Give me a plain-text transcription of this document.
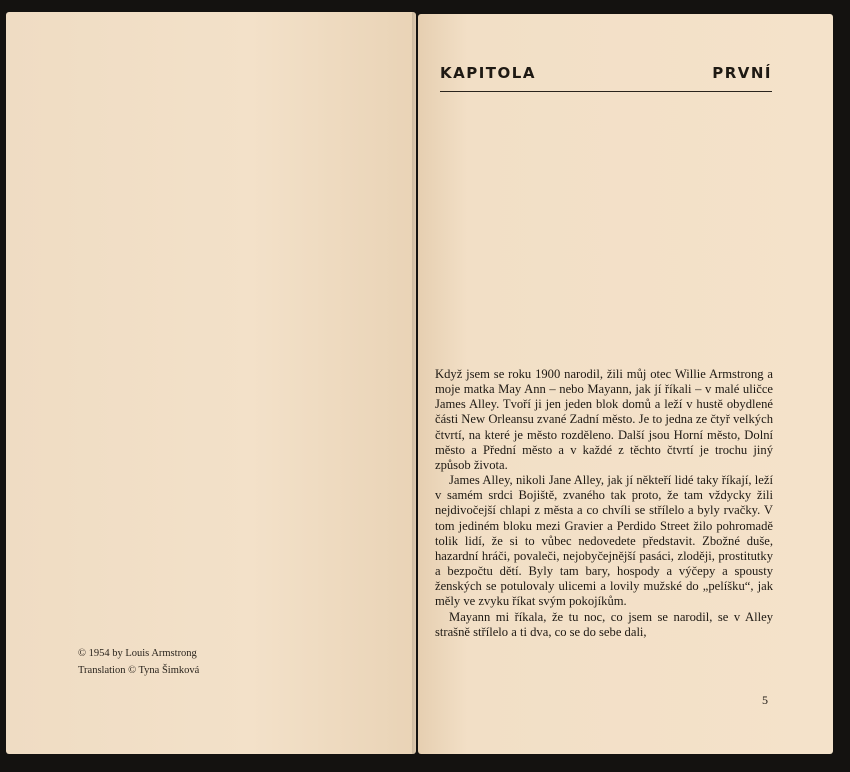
© 1954 by Louis Armstrong
Translation © Tyna Šimková
KAPITOLA	PRVNÍ

Když jsem se roku 1900 narodil, žili můj otec Willie Armstrong a moje matka May Ann – nebo Mayann, jak jí říkali – v malé uličce James Alley. Tvoří ji jen jeden blok domů a leží v hustě obydlené části New Orleansu zvané Zadní město. Je to jedna ze čtyř velkých čtvrtí, na které je město rozděleno. Další jsou Horní město, Dolní město a Přední město a v každé z těchto čtvrtí je trochu jiný způsob života.

James Alley, nikoli Jane Alley, jak jí někteří lidé taky říkají, leží v samém srdci Bojiště, zvaného tak proto, že tam vždycky žili nejdivočejší chlapi z města a co chvíli se střílelo a byly rvačky. V tom jediném bloku mezi Gravier a Perdido Street žilo pohromadě tolik lidí, že si to vůbec nedovedete představit. Zbožné duše, hazardní hráči, povaleči, nejobyčejnější pasáci, zloději, prostitutky a bezpočtu dětí. Byly tam bary, hospody a výčepy a spousty ženských se potulovaly ulicemi a lovily mužské do „pelíšku“, jak měly ve zvyku říkat svým pokojíkům.

Mayann mi říkala, že tu noc, co jsem se narodil, se v Alley strašně střílelo a ti dva, co se do sebe dali,

5
